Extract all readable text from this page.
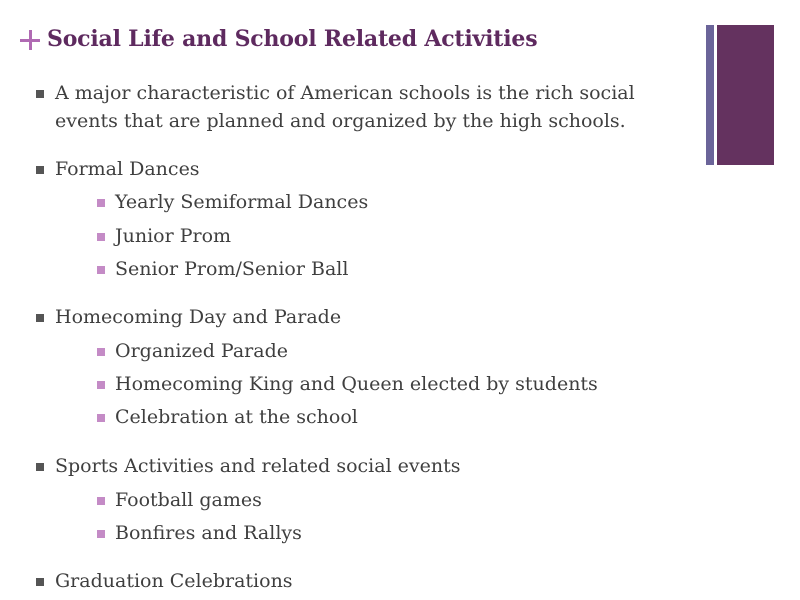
Social Life and School Related Activities
A major characteristic of American schools is the rich social
events that are planned and organized by the high schools.
Formal Dances
Yearly Semiformal Dances
Junior Prom
Senior Prom/Senior Ball
Homecoming Day and Parade
Organized Parade
Homecoming King and Queen elected by students
Celebration at the school
Sports Activities and related social events
Football games
Bonfires and Rallys
Graduation Celebrations
